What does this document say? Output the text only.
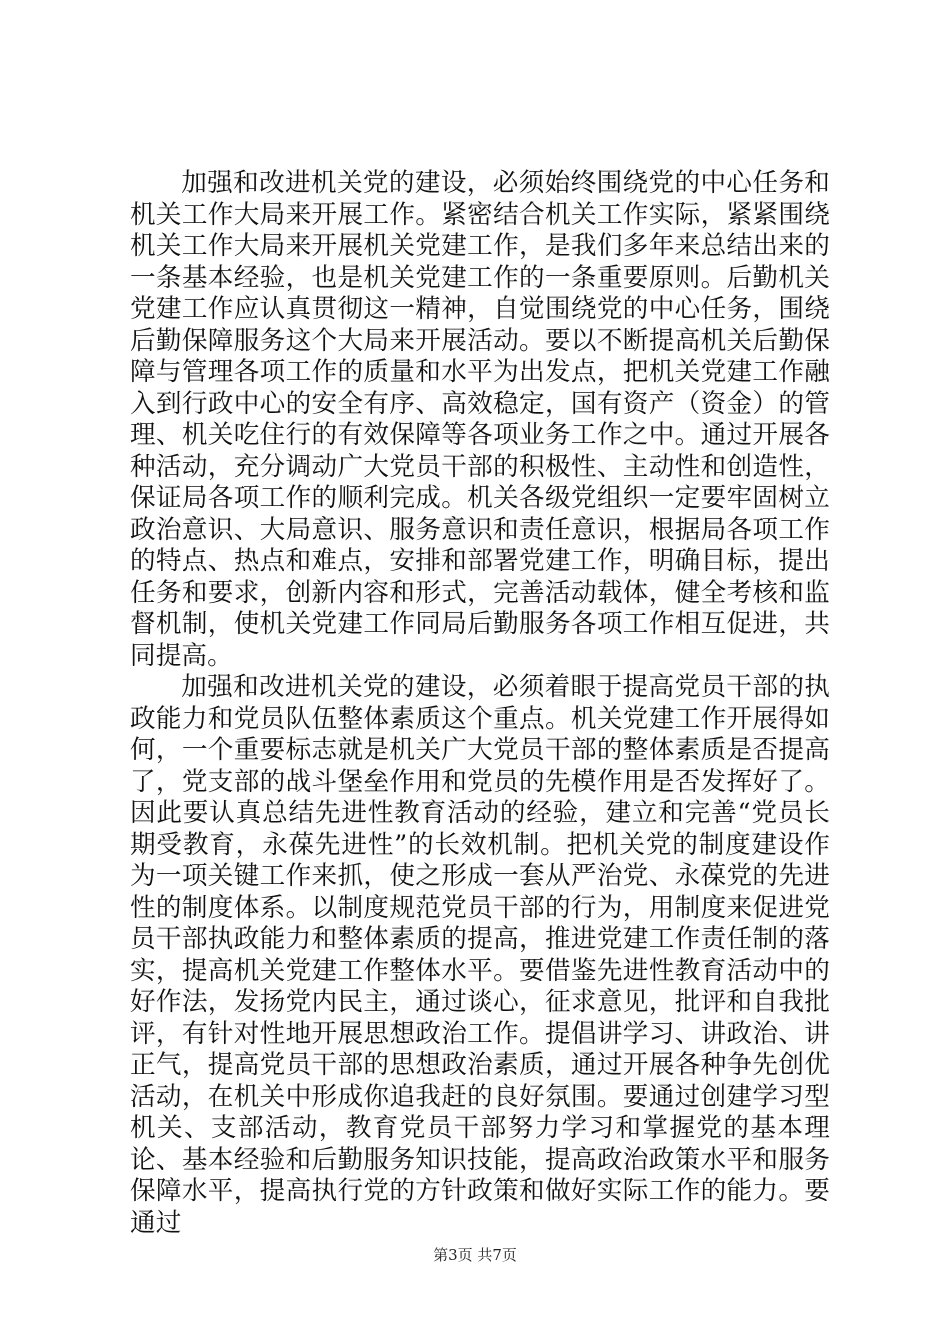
加强和改进机关党的建设，必须始终围绕党的中心任务和机关工作大局来开展工作。紧密结合机关工作实际，紧紧围绕机关工作大局来开展机关党建工作，是我们多年来总结出来的一条基本经验，也是机关党建工作的一条重要原则。后勤机关党建工作应认真贯彻这一精神，自觉围绕党的中心任务，围绕后勤保障服务这个大局来开展活动。要以不断提高机关后勤保障与管理各项工作的质量和水平为出发点，把机关党建工作融入到行政中心的安全有序、高效稳定，国有资产（资金）的管理、机关吃住行的有效保障等各项业务工作之中。通过开展各种活动，充分调动广大党员干部的积极性、主动性和创造性，保证局各项工作的顺利完成。机关各级党组织一定要牢固树立政治意识、大局意识、服务意识和责任意识，根据局各项工作的特点、热点和难点，安排和部署党建工作，明确目标，提出任务和要求，创新内容和形式，完善活动载体，健全考核和监督机制，使机关党建工作同局后勤服务各项工作相互促进，共同提高。

加强和改进机关党的建设，必须着眼于提高党员干部的执政能力和党员队伍整体素质这个重点。机关党建工作开展得如何，一个重要标志就是机关广大党员干部的整体素质是否提高了，党支部的战斗堡垒作用和党员的先模作用是否发挥好了。因此要认真总结先进性教育活动的经验，建立和完善“党员长期受教育，永葆先进性”的长效机制。把机关党的制度建设作为一项关键工作来抓，使之形成一套从严治党、永葆党的先进性的制度体系。以制度规范党员干部的行为，用制度来促进党员干部执政能力和整体素质的提高，推进党建工作责任制的落实，提高机关党建工作整体水平。要借鉴先进性教育活动中的好作法，发扬党内民主，通过谈心，征求意见，批评和自我批评，有针对性地开展思想政治工作。提倡讲学习、讲政治、讲正气，提高党员干部的思想政治素质，通过开展各种争先创优活动，在机关中形成你追我赶的良好氛围。要通过创建学习型机关、支部活动，教育党员干部努力学习和掌握党的基本理论、基本经验和后勤服务知识技能，提高政治政策水平和服务保障水平，提高执行党的方针政策和做好实际工作的能力。要通过

第3页 共7页
